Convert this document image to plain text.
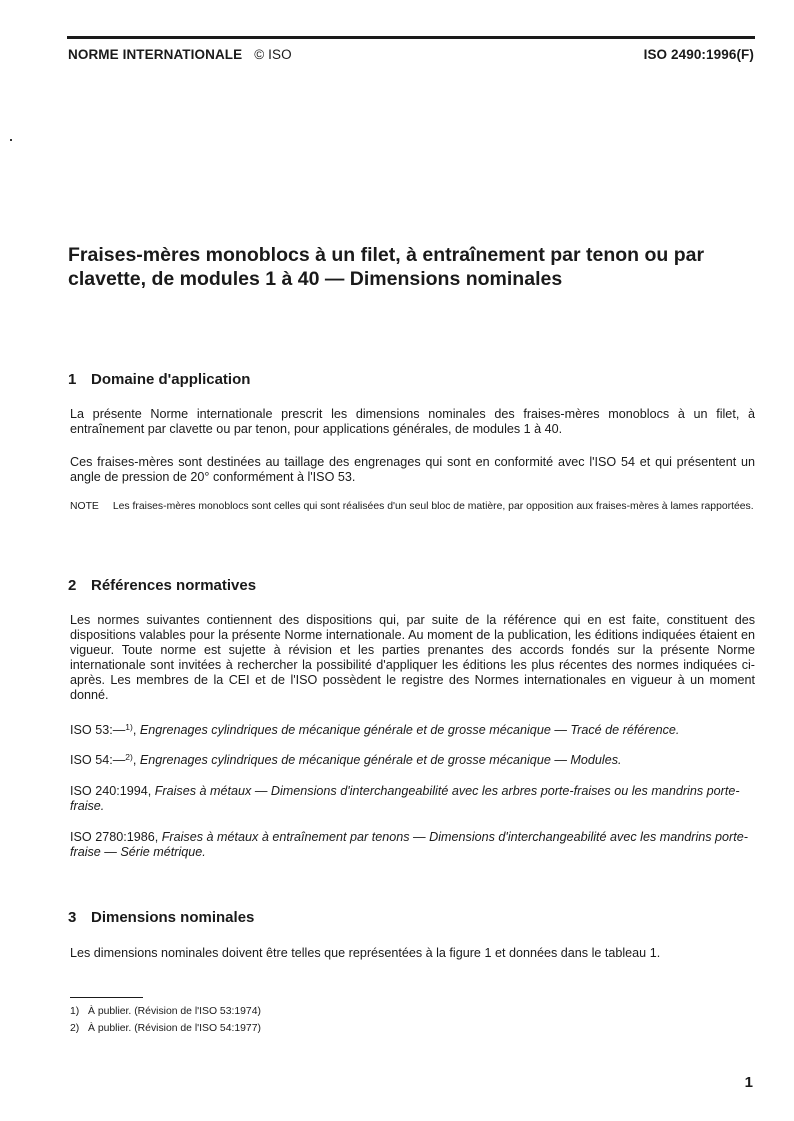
NORME INTERNATIONALE © ISO	ISO 2490:1996(F)
Fraises-mères monoblocs à un filet, à entraînement par tenon ou par clavette, de modules 1 à 40 — Dimensions nominales
1 Domaine d'application
La présente Norme internationale prescrit les dimensions nominales des fraises-mères monoblocs à un filet, à entraînement par clavette ou par tenon, pour applications générales, de modules 1 à 40.
Ces fraises-mères sont destinées au taillage des engrenages qui sont en conformité avec l'ISO 54 et qui présentent un angle de pression de 20° conformément à l'ISO 53.
NOTE Les fraises-mères monoblocs sont celles qui sont réalisées d'un seul bloc de matière, par opposition aux fraises-mères à lames rapportées.
2 Références normatives
Les normes suivantes contiennent des dispositions qui, par suite de la référence qui en est faite, constituent des dispositions valables pour la présente Norme internationale. Au moment de la publication, les éditions indiquées étaient en vigueur. Toute norme est sujette à révision et les parties prenantes des accords fondés sur la présente Norme internationale sont invitées à rechercher la possibilité d'appliquer les éditions les plus récentes des normes indiquées ci-après. Les membres de la CEI et de l'ISO possèdent le registre des Normes internationales en vigueur à un moment donné.
ISO 53:—$^{1)}$, Engrenages cylindriques de mécanique générale et de grosse mécanique — Tracé de référence.
ISO 54:—$^{2)}$, Engrenages cylindriques de mécanique générale et de grosse mécanique — Modules.
ISO 240:1994, Fraises à métaux — Dimensions d'interchangeabilité avec les arbres porte-fraises ou les mandrins porte-fraise.
ISO 2780:1986, Fraises à métaux à entraînement par tenons — Dimensions d'interchangeabilité avec les mandrins porte-fraise — Série métrique.
3 Dimensions nominales
Les dimensions nominales doivent être telles que représentées à la figure 1 et données dans le tableau 1.
1) À publier. (Révision de l'ISO 53:1974)
2) À publier. (Révision de l'ISO 54:1977)
1
